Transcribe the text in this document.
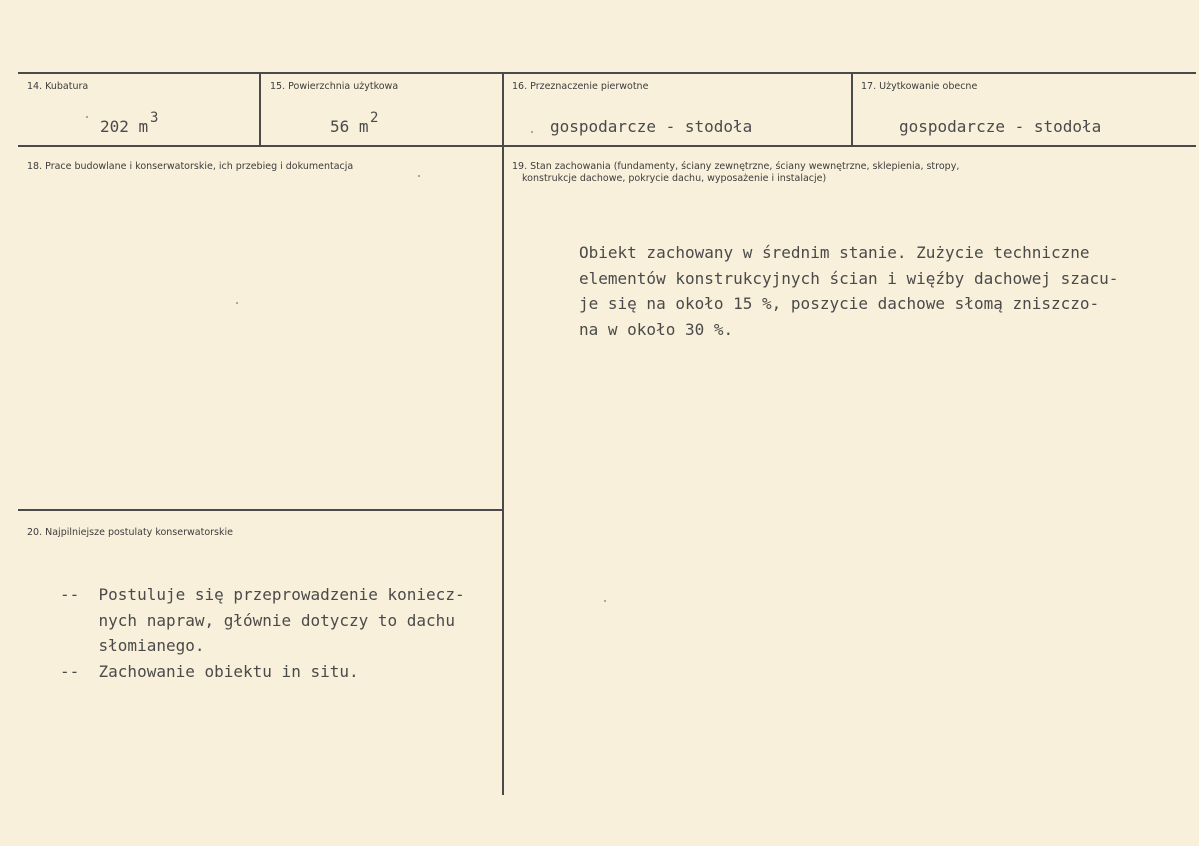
14. Kubatura
202 m 3
15. Powierzchnia użytkowa
56 m 2
16. Przeznaczenie pierwotne
gospodarcze - stodoła
17. Użytkowanie obecne
gospodarcze - stodoła
18. Prace budowlane i konserwatorskie, ich przebieg i dokumentacja	19. Stan zachowania (fundamenty, ściany zewnętrzne, ściany wewnętrzne, sklepienia, stropy,
konstrukcje dachowe, pokrycie dachu, wyposażenie i instalacje)
Obiekt zachowany w średnim stanie. Zużycie techniczne
elementów konstrukcyjnych ścian i więźby dachowej szacu-
je się na około 15 %, poszycie dachowe słomą zniszczo-
na w około 30 %.
20. Najpilniejsze postulaty konserwatorskie
--  Postuluje się przeprowadzenie koniecz-
nych napraw, głównie dotyczy to dachu
słomianego.
--  Zachowanie obiektu in situ.
